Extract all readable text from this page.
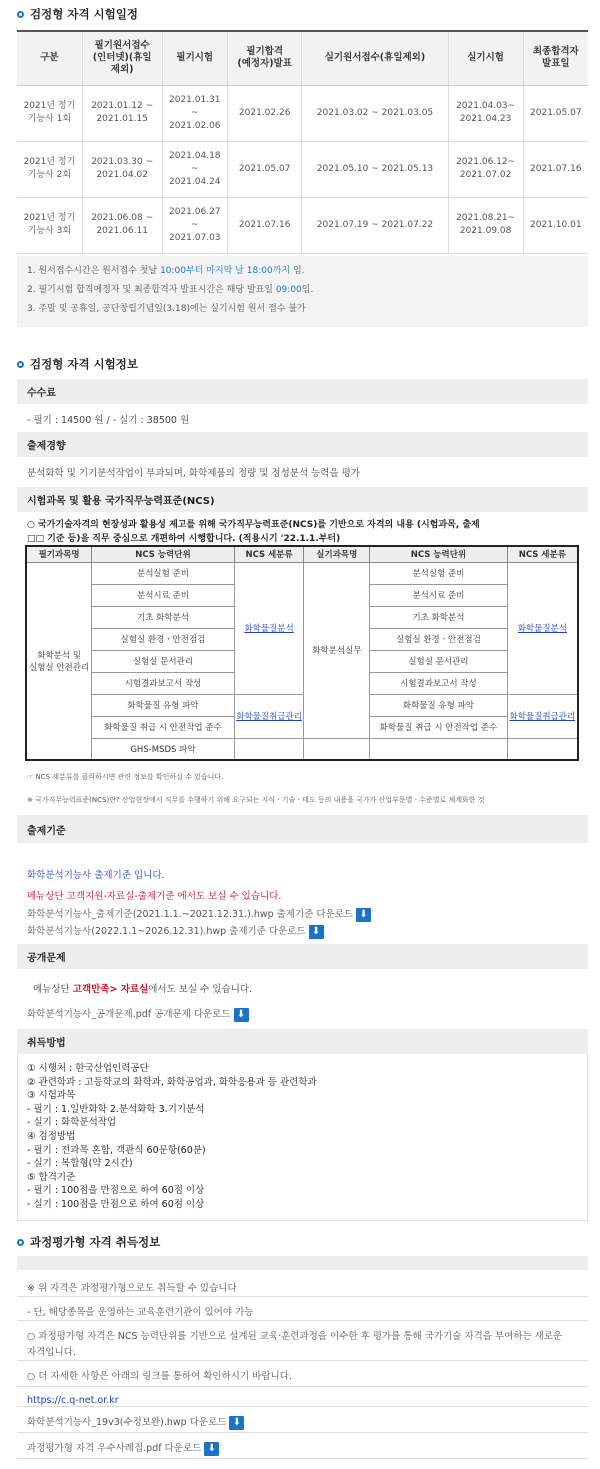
검정형 자격 시험일정
구분	필기원서접수
(인터넷)(휴일
제외)	필기시험	필기합격
(예정자)발표	실기원서접수(휴일제외)	실기시험	최종합격자
발표일
2021년 정기
기능사 1회	2021.01.12 ~
2021.01.15	2021.01.31
~
2021.02.06	2021.02.26	2021.03.02 ~ 2021.03.05	2021.04.03~
2021.04.23	2021.05.07
2021년 정기
기능사 2회	2021.03.30 ~
2021.04.02	2021.04.18
~
2021.04.24	2021.05.07	2021.05.10 ~ 2021.05.13	2021.06.12~
2021.07.02	2021.07.16
2021년 정기
기능사 3회	2021.06.08 ~
2021.06.11	2021.06.27
~
2021.07.03	2021.07.16	2021.07.19 ~ 2021.07.22	2021.08.21~
2021.09.08	2021.10.01
1. 원서접수시간은 원서접수 첫날 10:00부터 마지막 날 18:00까지 임.
2. 필기시험 합격예정자 및 최종합격자 발표시간은 해당 발표일 09:00임.
3. 주말 및 공휴일, 공단창립기념일(3.18)에는 실기시험 원서 접수 불가
검정형 자격 시험정보
수수료
- 필기 : 14500 원 / - 실기 : 38500 원
출제경향
분석화학 및 기기분석작업이 부과되며, 화학제품의 정량 및 정성분석 능력을 평가
시험과목 및 활용 국가직무능력표준(NCS)
○ 국가기술자격의 현장성과 활용성 제고를 위해 국가직무능력표준(NCS)를 기반으로 자격의 내용 (시험과목, 출제
□□ 기준 등)을 직무 중심으로 개편하여 시행합니다. (적용시기 '22.1.1.부터)
필기과목명	NCS 능력단위	NCS 세분류	실기과목명	NCS 능력단위	NCS 세분류
화학분석 및
실험실 안전관리	분석실험 준비	화학물질분석	화학분석실무	분석실험 준비	화학물질분석
	분석시료 준비			분석시료 준비	
	기초 화학분석			기초 화학분석	
	실험실 환경ㆍ안전점검			실험실 환경ㆍ안전점검	
	실험실 문서관리			실험실 문서관리	
	시험결과보고서 작성			시험결과보고서 작성	
	화학물질 유형 파악	화학물질취급관리		화학물질 유형 파악	화학물질취급관리
	화학물질 취급 시 안전작업 준수			화학물질 취급 시 안전작업 준수	
	GHS-MSDS 파악				
☞ NCS 세분류를 클릭하시면 관련 정보를 확인하실 수 있습니다.
※ 국가직무능력표준(NCS)란? 산업현장에서 직무를 수행하기 위해 요구되는 지식ㆍ기술ㆍ태도 등의 내용을 국가가 산업부문별ㆍ수준별로 체계화한 것
출제기준
화학분석기능사 출제기준 입니다.
메뉴상단 고객지원-자료실-출제기준 에서도 보실 수 있습니다.
화학분석기능사_출제기준(2021.1.1.~2021.12.31.).hwp 출제기준 다운로드 ⬇
화학분석기능사(2022.1.1~2026.12.31).hwp 출제기준 다운로드 ⬇
공개문제
메뉴상단 고객만족> 자료실에서도 보실 수 있습니다.
화학분석기능사_공개문제.pdf 공개문제 다운로드 ⬇
취득방법
① 시행처 : 한국산업인력공단
② 관련학과 : 고등학교의 화학과, 화학공업과, 화학응용과 등 관련학과
③ 시험과목
- 필기 : 1.일반화학 2.분석화학 3.기기분석
- 실기 : 화학분석작업
④ 검정방법
- 필기 : 전과목 혼합, 객관식 60문항(60분)
- 실기 : 복합형(약 2시간)
⑤ 합격기준
- 필기 : 100점을 만점으로 하여 60점 이상
- 실기 : 100점을 만점으로 하여 60점 이상
과정평가형 자격 취득정보
※ 위 자격은 과정평가형으로도 취득할 수 있습니다
- 단, 해당종목을 운영하는 교육훈련기관이 있어야 가능
○ 과정평가형 자격은 NCS 능력단위를 기반으로 설계된 교육·훈련과정을 이수한 후 평가를 통해 국가기술 자격을 부여하는 새로운
자격입니다.
○ 더 자세한 사항은 아래의 링크를 통하여 확인하시기 바랍니다.
https://c.q-net.or.kr
화학분석기능사_19v3(수정보완).hwp 다운로드 ⬇
과정평가형 자격 우수사례집.pdf 다운로드 ⬇
